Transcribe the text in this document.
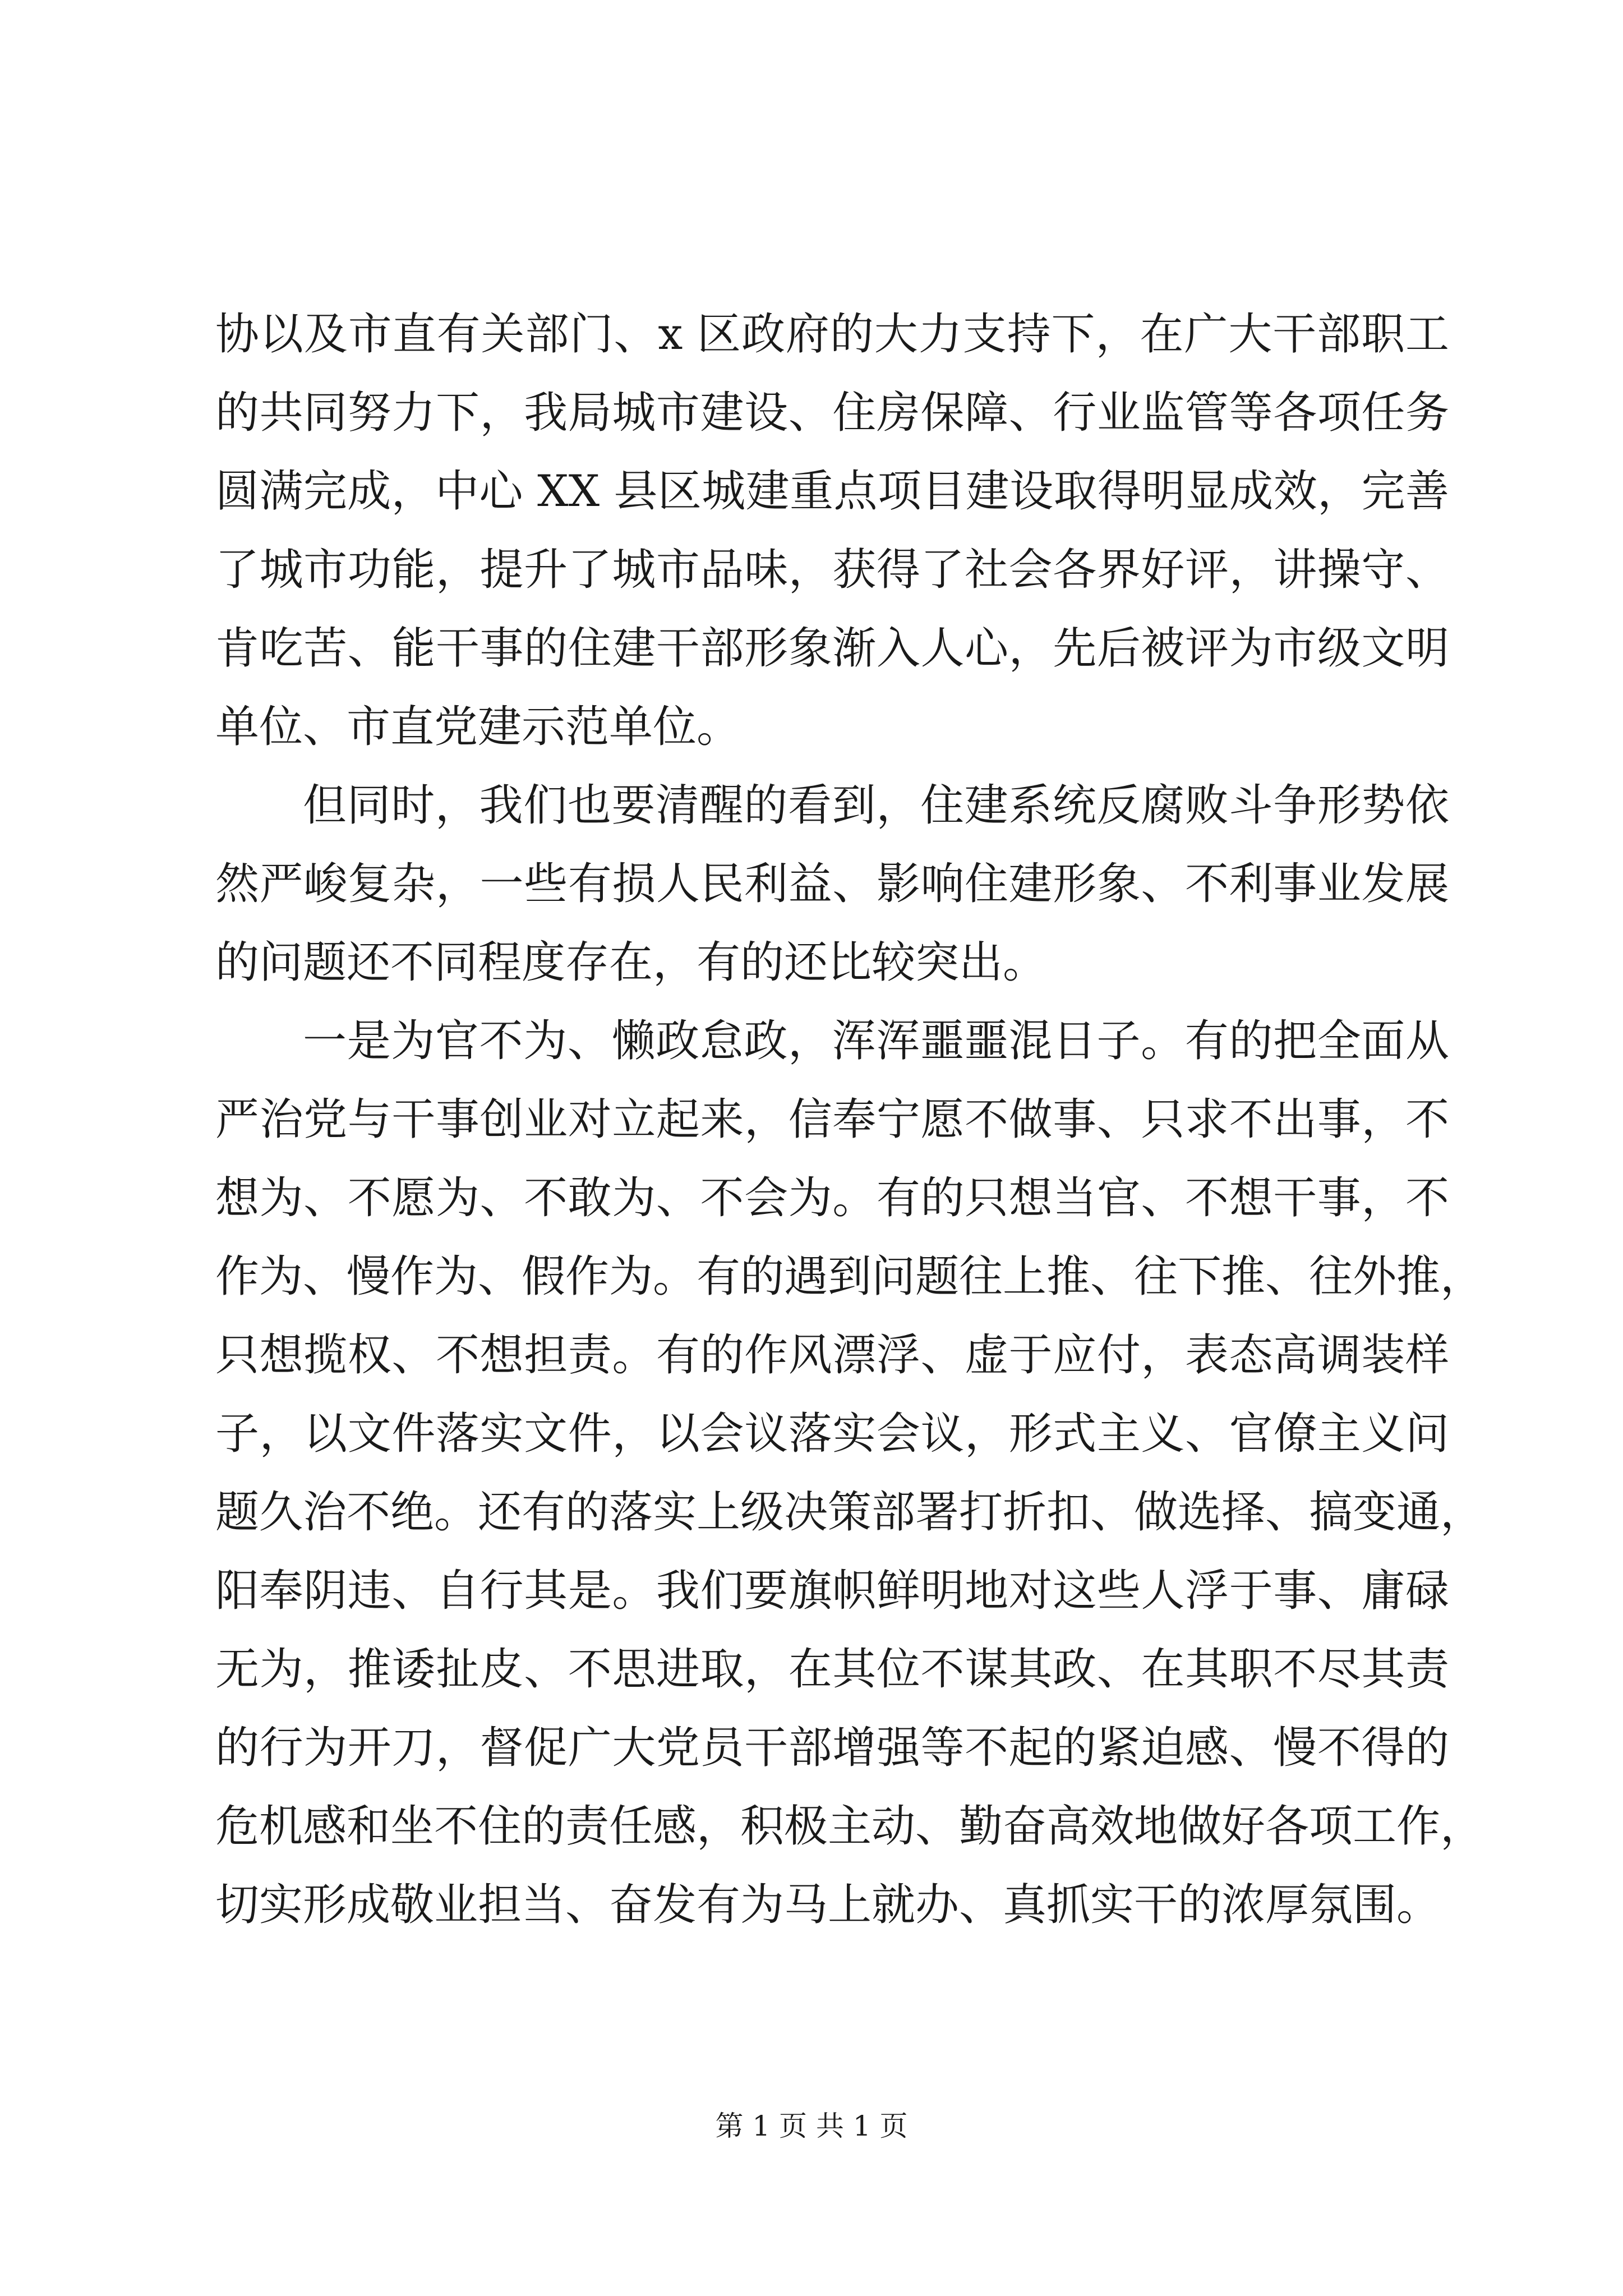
协以及市直有关部门、x 区政府的大力支持下，在广大干部职工
的共同努力下，我局城市建设、住房保障、行业监管等各项任务
圆满完成，中心 XX 县区城建重点项目建设取得明显成效，完善
了城市功能，提升了城市品味，获得了社会各界好评，讲操守、
肯吃苦、能干事的住建干部形象渐入人心，先后被评为市级文明
单位、市直党建示范单位。
但同时，我们也要清醒的看到，住建系统反腐败斗争形势依
然严峻复杂，一些有损人民利益、影响住建形象、不利事业发展
的问题还不同程度存在，有的还比较突出。
一是为官不为、懒政怠政，浑浑噩噩混日子。有的把全面从
严治党与干事创业对立起来，信奉宁愿不做事、只求不出事，不
想为、不愿为、不敢为、不会为。有的只想当官、不想干事，不
作为、慢作为、假作为。有的遇到问题往上推、往下推、往外推，
只想揽权、不想担责。有的作风漂浮、虚于应付，表态高调装样
子，以文件落实文件，以会议落实会议，形式主义、官僚主义问
题久治不绝。还有的落实上级决策部署打折扣、做选择、搞变通，
阳奉阴违、自行其是。我们要旗帜鲜明地对这些人浮于事、庸碌
无为，推诿扯皮、不思进取，在其位不谋其政、在其职不尽其责
的行为开刀，督促广大党员干部增强等不起的紧迫感、慢不得的
危机感和坐不住的责任感，积极主动、勤奋高效地做好各项工作，
切实形成敬业担当、奋发有为马上就办、真抓实干的浓厚氛围。
第 1 页 共 1 页
